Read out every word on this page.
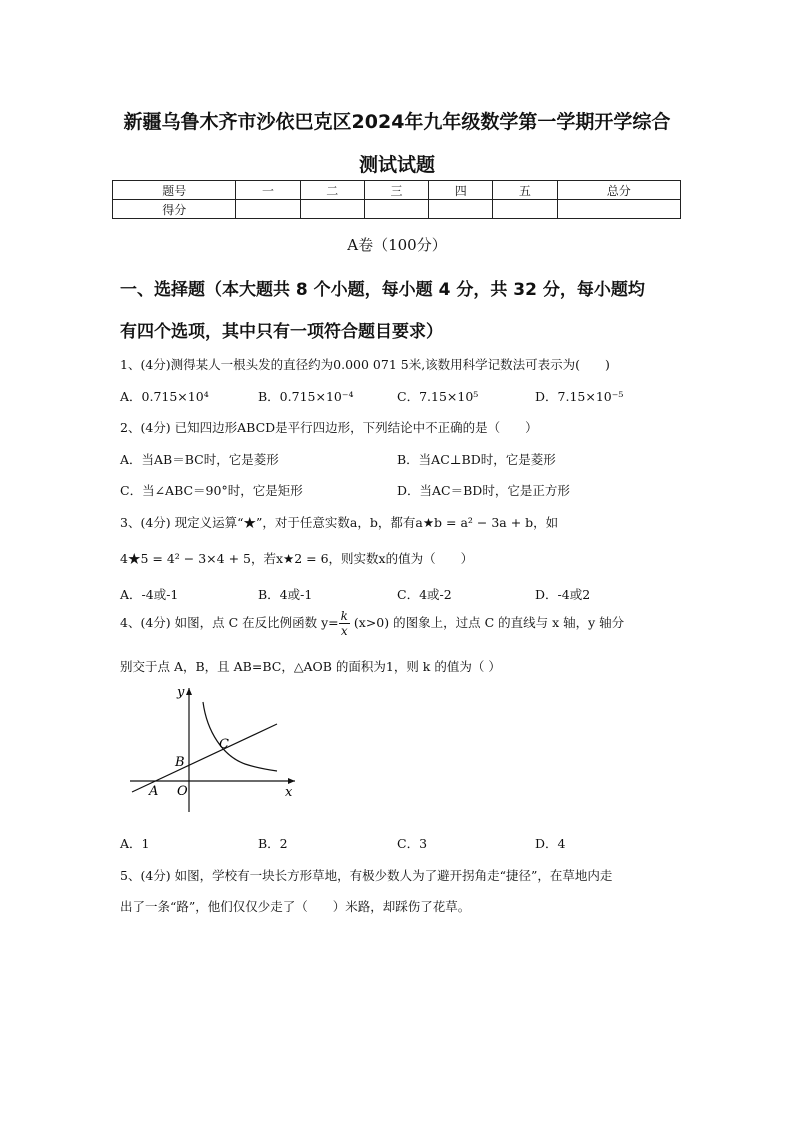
新疆乌鲁木齐市沙依巴克区2024年九年级数学第一学期开学综合
测试试题
题号	一	二	三	四	五	总分
得分						
A卷（100分）
一、选择题（本大题共 8 个小题，每小题 4 分，共 32 分，每小题均
有四个选项，其中只有一项符合题目要求）
1、(4分)测得某人一根头发的直径约为0.000 071 5米,该数用科学记数法可表示为(　　)
A．0.715×10⁴	B．0.715×10⁻⁴	C．7.15×10⁵	D．7.15×10⁻⁵
2、(4分) 已知四边形ABCD是平行四边形，下列结论中不正确的是（　　）
A．当AB＝BC时，它是菱形	B．当AC⊥BD时，它是菱形
C．当∠ABC＝90°时，它是矩形	D．当AC＝BD时，它是正方形
3、(4分) 现定义运算“★”，对于任意实数a，b，都有a★b = a² − 3a + b，如
4★5 = 4² − 3×4 + 5，若x★2 = 6，则实数x的值为（　　）
A．-4或-1	B．4或-1	C．4或-2	D．-4或2
4、(4分) 如图，点 C 在反比例函数 $y= \frac{k}{x} (x>0)$ 的图象上，过点 C 的直线与 x 轴，y 轴分
别交于点 A，B，且 AB=BC，△AOB 的面积为1，则 k 的值为（ ）
y
x
O
A
B
C
A．1	B．2	C．3	D．4
5、(4分) 如图，学校有一块长方形草地，有极少数人为了避开拐角走“捷径”，在草地内走
出了一条“路”，他们仅仅少走了（　　）米路，却踩伤了花草。
